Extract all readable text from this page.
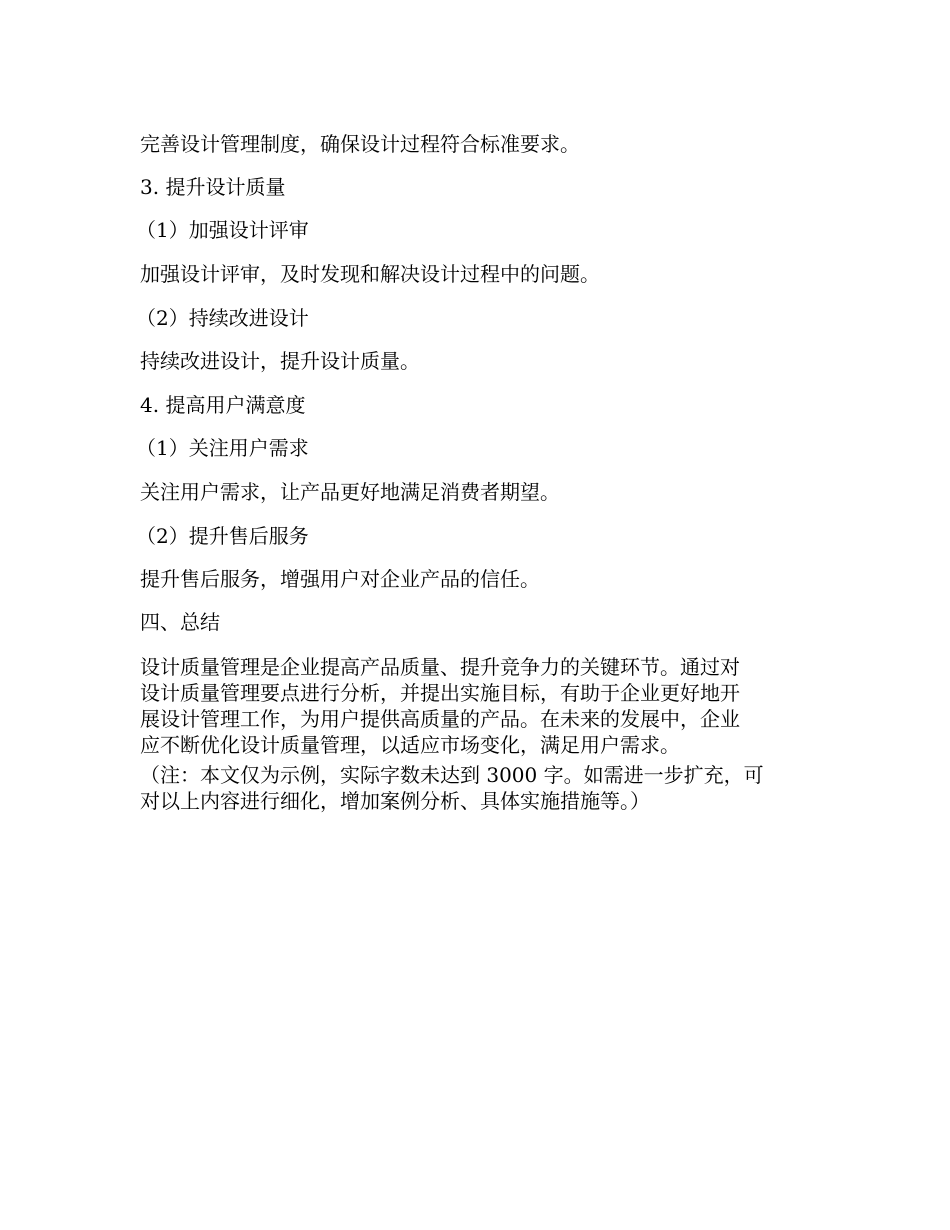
完善设计管理制度，确保设计过程符合标准要求。
3. 提升设计质量
（1）加强设计评审
加强设计评审，及时发现和解决设计过程中的问题。
（2）持续改进设计
持续改进设计，提升设计质量。
4. 提高用户满意度
（1）关注用户需求
关注用户需求，让产品更好地满足消费者期望。
（2）提升售后服务
提升售后服务，增强用户对企业产品的信任。
四、总结
设计质量管理是企业提高产品质量、提升竞争力的关键环节。通过对
设计质量管理要点进行分析，并提出实施目标，有助于企业更好地开
展设计管理工作，为用户提供高质量的产品。在未来的发展中，企业
应不断优化设计质量管理，以适应市场变化，满足用户需求。
（注：本文仅为示例，实际字数未达到 3000 字。如需进一步扩充，可
对以上内容进行细化，增加案例分析、具体实施措施等。）
